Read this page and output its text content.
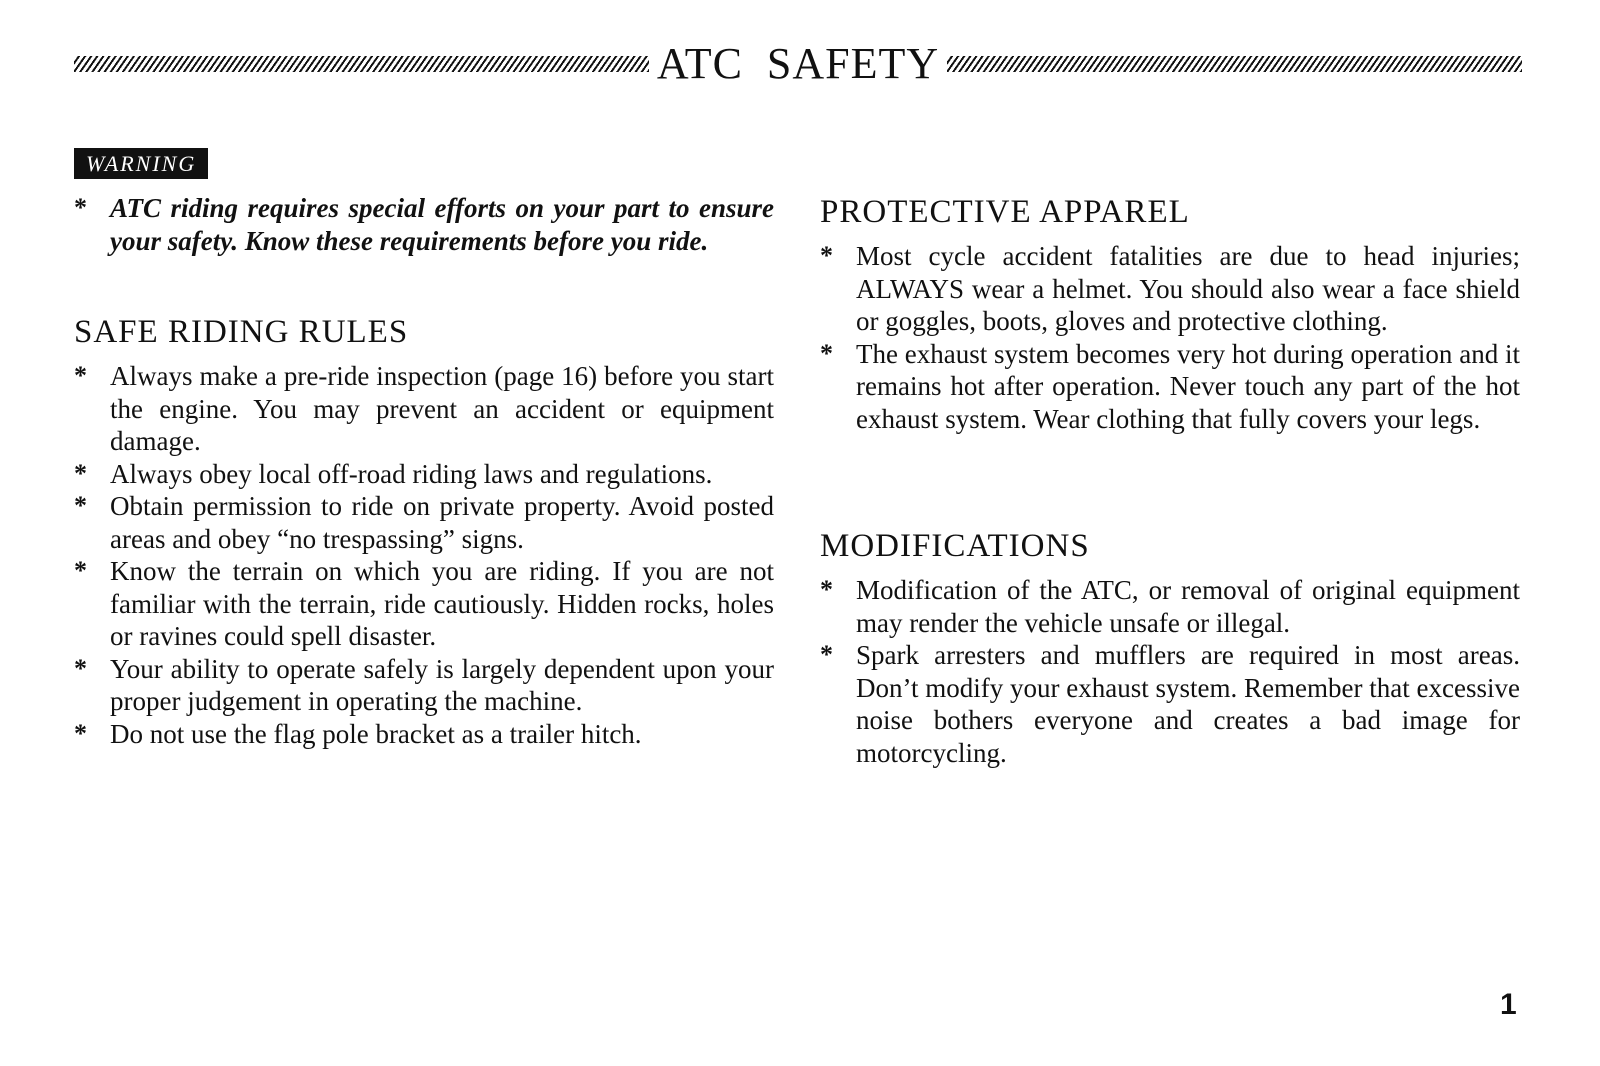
ATC  SAFETY
WARNING
* ATC riding requires special efforts on your part to ensure your safety. Know these requirements before you ride.
SAFE RIDING RULES
* Always make a pre-ride inspection (page 16) before you start the engine. You may prevent an accident or equipment damage.
* Always obey local off-road riding laws and regulations.
* Obtain permission to ride on private property. Avoid posted areas and obey “no trespassing” signs.
* Know the terrain on which you are riding. If you are not familiar with the terrain, ride cautiously. Hidden rocks, holes or ravines could spell disaster.
* Your ability to operate safely is largely dependent upon your proper judgement in operating the machine.
* Do not use the flag pole bracket as a trailer hitch.
PROTECTIVE APPAREL
* Most cycle accident fatalities are due to head injuries; ALWAYS wear a helmet. You should also wear a face shield or goggles, boots, gloves and protective clothing.
* The exhaust system becomes very hot during operation and it remains hot after operation. Never touch any part of the hot exhaust system. Wear clothing that fully covers your legs.
MODIFICATIONS
* Modification of the ATC, or removal of original equipment may render the vehicle unsafe or illegal.
* Spark arresters and mufflers are required in most areas. Don’t modify your exhaust system. Remember that excessive noise bothers everyone and creates a bad image for motorcycling.
1
